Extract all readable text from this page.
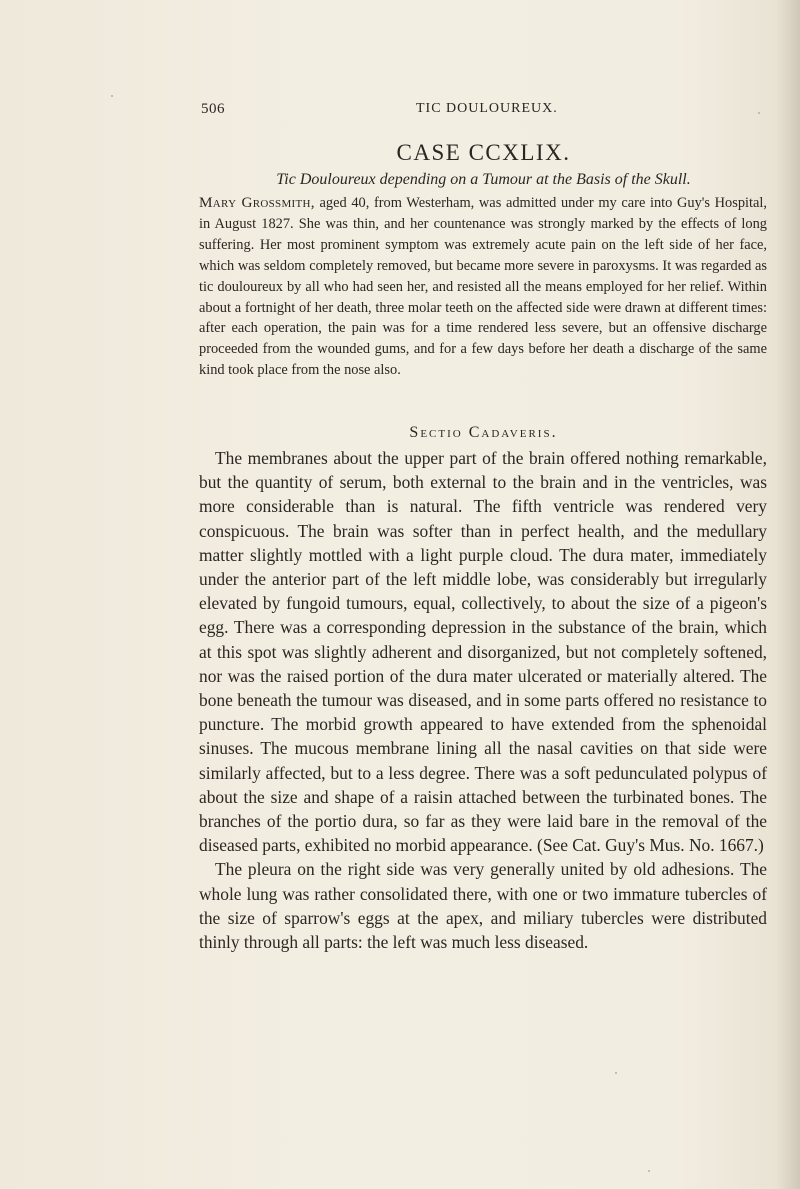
506	TIC DOULOUREUX.
CASE CCXLIX.
Tic Douloureux depending on a Tumour at the Basis of the Skull.
Mary Grossmith, aged 40, from Westerham, was admitted under my care into Guy's Hospital, in August 1827. She was thin, and her countenance was strongly marked by the effects of long suffering. Her most prominent symptom was extremely acute pain on the left side of her face, which was seldom completely removed, but became more severe in paroxysms. It was regarded as tic douloureux by all who had seen her, and resisted all the means employed for her relief. Within about a fortnight of her death, three molar teeth on the affected side were drawn at different times: after each operation, the pain was for a time rendered less severe, but an offensive discharge proceeded from the wounded gums, and for a few days before her death a discharge of the same kind took place from the nose also.
Sectio Cadaveris.

The membranes about the upper part of the brain offered nothing remarkable, but the quantity of serum, both external to the brain and in the ventricles, was more considerable than is natural. The fifth ventricle was rendered very conspicuous. The brain was softer than in perfect health, and the medullary matter slightly mottled with a light purple cloud. The dura mater, immediately under the anterior part of the left middle lobe, was considerably but irregularly elevated by fungoid tumours, equal, collectively, to about the size of a pigeon's egg. There was a corresponding depression in the substance of the brain, which at this spot was slightly adherent and disorganized, but not completely softened, nor was the raised portion of the dura mater ulcerated or materially altered. The bone beneath the tumour was diseased, and in some parts offered no resistance to puncture. The morbid growth appeared to have extended from the sphenoidal sinuses. The mucous membrane lining all the nasal cavities on that side were similarly affected, but to a less degree. There was a soft pedunculated polypus of about the size and shape of a raisin attached between the turbinated bones. The branches of the portio dura, so far as they were laid bare in the removal of the diseased parts, exhibited no morbid appearance. (See Cat. Guy's Mus. No. 1667.)

The pleura on the right side was very generally united by old adhesions. The whole lung was rather consolidated there, with one or two immature tubercles of the size of sparrow's eggs at the apex, and miliary tubercles were distributed thinly through all parts: the left was much less diseased.
